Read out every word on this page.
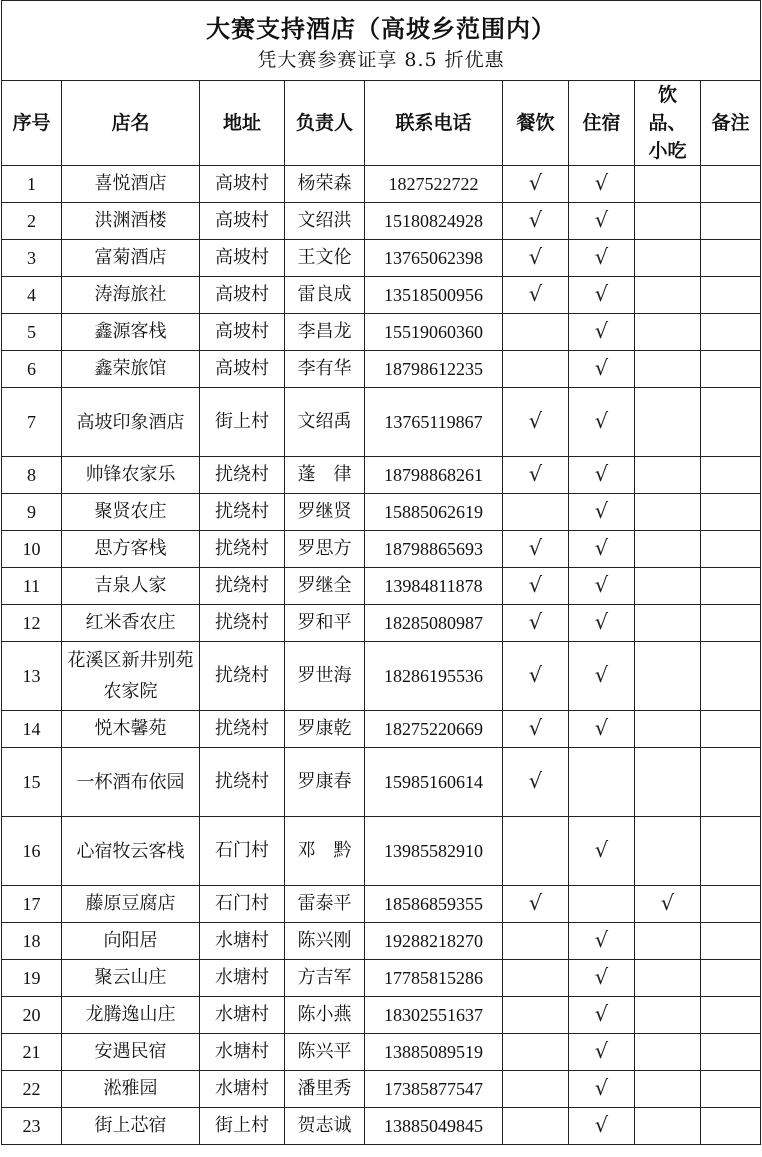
大赛支持酒店（高坡乡范围内）
凭大赛参赛证享 8.5 折优惠								

序号	店名	地址	负责人	联系电话	餐饮	住宿	饮品、小吃	备注
1	喜悦酒店	高坡村	杨荣森	1827522722	√	√		
2	洪渊酒楼	高坡村	文绍洪	15180824928	√	√		
3	富菊酒店	高坡村	王文伦	13765062398	√	√		
4	涛海旅社	高坡村	雷良成	13518500956	√	√		
5	鑫源客栈	高坡村	李昌龙	15519060360		√		
6	鑫荣旅馆	高坡村	李有华	18798612235		√		
7	高坡印象酒店	街上村	文绍禹	13765119867	√	√		
8	帅锋农家乐	扰绕村	蓬　律	18798868261	√	√		
9	聚贤农庄	扰绕村	罗继贤	15885062619		√		
10	思方客栈	扰绕村	罗思方	18798865693	√	√		
11	吉泉人家	扰绕村	罗继全	13984811878	√	√		
12	红米香农庄	扰绕村	罗和平	18285080987	√	√		
13	花溪区新井别苑农家院	扰绕村	罗世海	18286195536	√	√		
14	悦木馨苑	扰绕村	罗康乾	18275220669	√	√		
15	一杯酒布依园	扰绕村	罗康春	15985160614	√			
16	心宿牧云客栈	石门村	邓　黔	13985582910		√		
17	藤原豆腐店	石门村	雷泰平	18586859355	√		√	
18	向阳居	水塘村	陈兴刚	19288218270		√		
19	聚云山庄	水塘村	方吉军	17785815286		√		
20	龙腾逸山庄	水塘村	陈小燕	18302551637		√		
21	安遇民宿	水塘村	陈兴平	13885089519		√		
22	淞雅园	水塘村	潘里秀	17385877547		√		
23	街上芯宿	街上村	贺志诚	13885049845		√		
